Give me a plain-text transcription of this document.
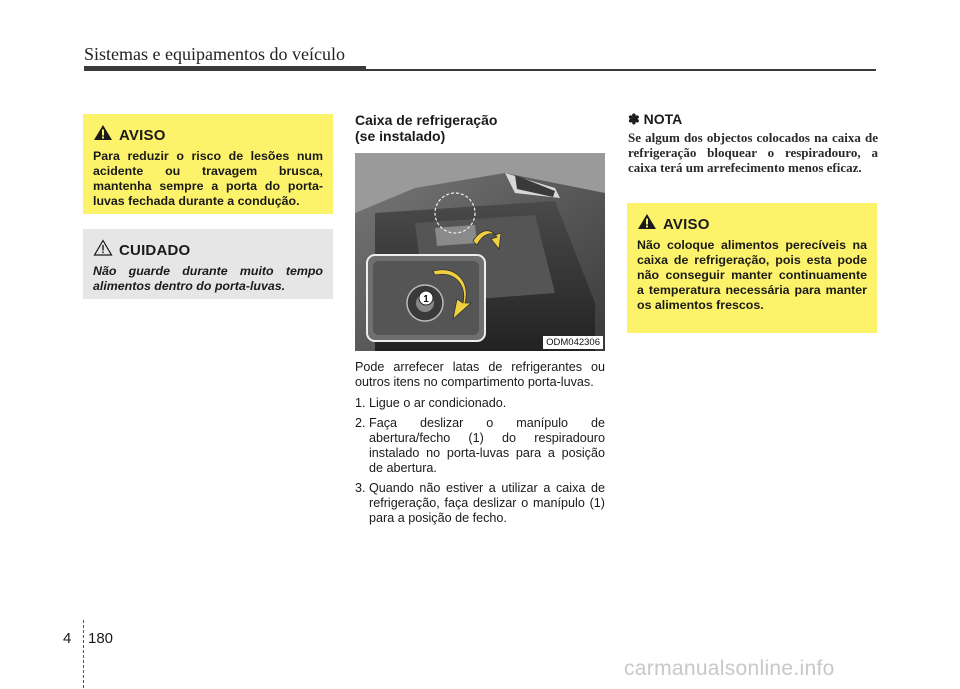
Sistemas e equipamentos do veículo
AVISO
Para reduzir o risco de lesões num acidente ou travagem brusca, mantenha sempre a porta do porta-luvas fechada durante a condução.
CUIDADO
Não guarde durante muito tempo alimentos dentro do porta-luvas.
Caixa de refrigeração
(se instalado)
1
ODM042306

Pode arrefecer latas de refrigerantes ou outros itens no compartimento porta-luvas.

1. Ligue o ar condicionado.
2. Faça deslizar o manípulo de abertura/fecho (1) do respiradouro instalado no porta-luvas para a posição de abertura.
3. Quando não estiver a utilizar a caixa de refrigeração, faça deslizar o manípulo (1) para a posição de fecho.
✽ NOTA
Se algum dos objectos colocados na caixa de refrigeração bloquear o respiradouro, a caixa terá um arrefecimento menos eficaz.
AVISO
Não coloque alimentos perecíveis na caixa de refrigeração, pois esta pode não conseguir manter continuamente a temperatura necessária para manter os alimentos frescos.
4 180
carmanualsonline.info
